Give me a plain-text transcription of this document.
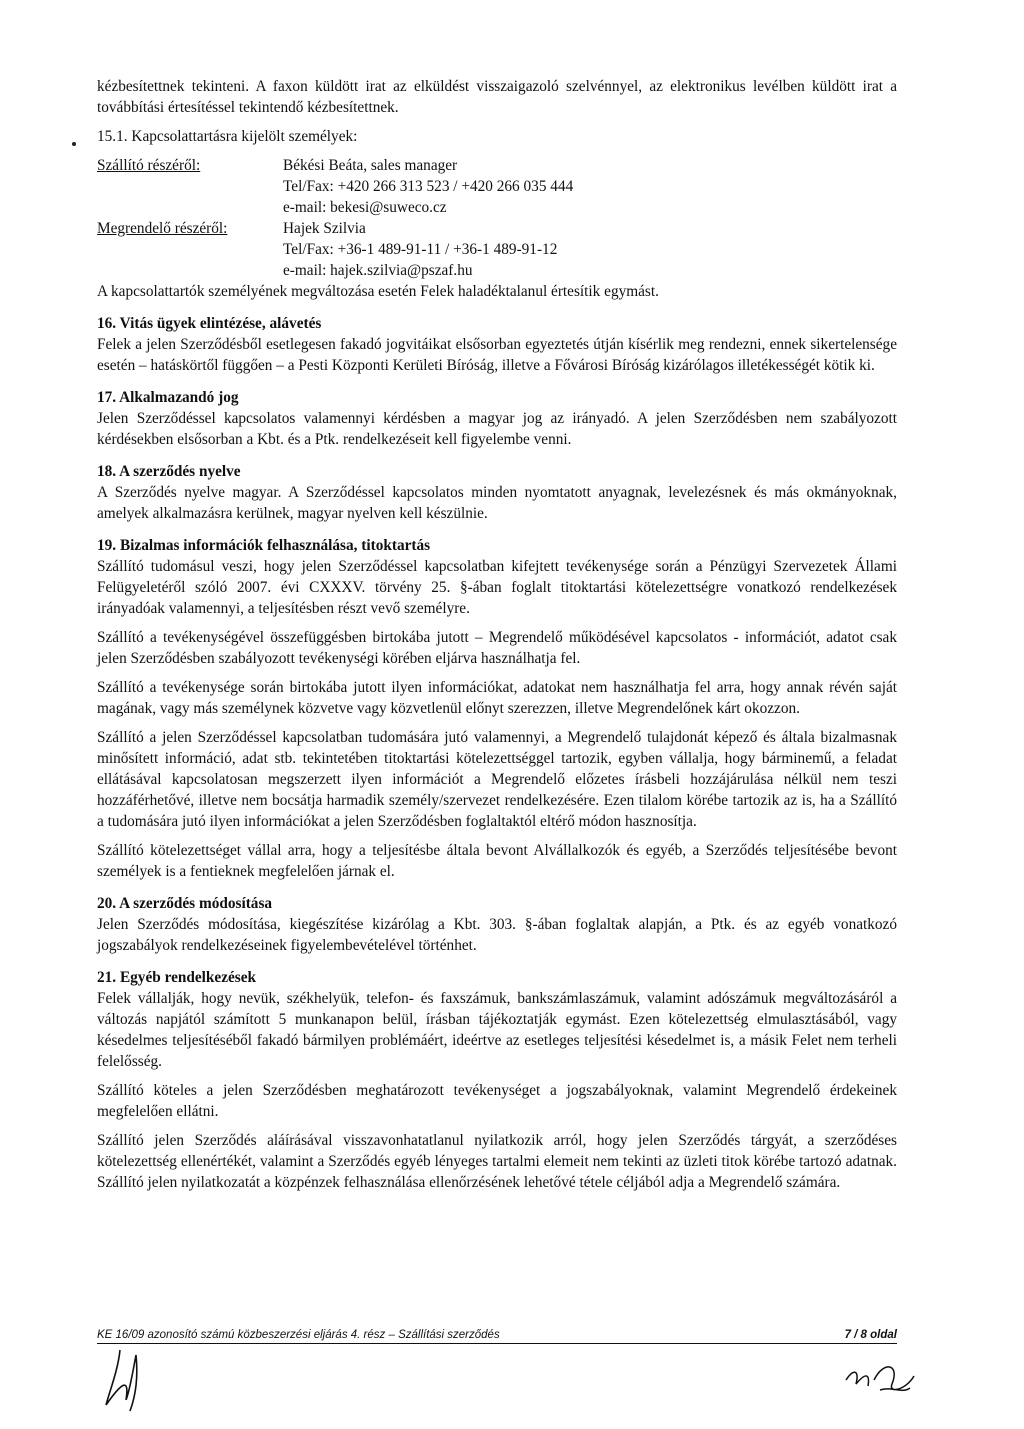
kézbesítettnek tekinteni. A faxon küldött irat az elküldést visszaigazoló szelvénnyel, az elektronikus levélben küldött irat a továbbítási értesítéssel tekintendő kézbesítettnek.

15.1. Kapcsolattartásra kijelölt személyek:

Szállító részéről:	Békési Beáta, sales manager
Tel/Fax: +420 266 313 523 / +420 266 035 444
e-mail: bekesi@suweco.cz
Megrendelő részéről:	Hajek Szilvia
Tel/Fax: +36-1 489-91-11 / +36-1 489-91-12
e-mail: hajek.szilvia@pszaf.hu

A kapcsolattartók személyének megváltozása esetén Felek haladéktalanul értesítik egymást.

16. Vitás ügyek elintézése, alávetés

Felek a jelen Szerződésből esetlegesen fakadó jogvitáikat elsősorban egyeztetés útján kísérlik meg rendezni, ennek sikertelensége esetén – hatáskörtől függően – a Pesti Központi Kerületi Bíróság, illetve a Fővárosi Bíróság kizárólagos illetékességét kötik ki.

17. Alkalmazandó jog

Jelen Szerződéssel kapcsolatos valamennyi kérdésben a magyar jog az irányadó. A jelen Szerződésben nem szabályozott kérdésekben elsősorban a Kbt. és a Ptk. rendelkezéseit kell figyelembe venni.

18. A szerződés nyelve

A Szerződés nyelve magyar. A Szerződéssel kapcsolatos minden nyomtatott anyagnak, levelezésnek és más okmányoknak, amelyek alkalmazásra kerülnek, magyar nyelven kell készülnie.

19. Bizalmas információk felhasználása, titoktartás

Szállító tudomásul veszi, hogy jelen Szerződéssel kapcsolatban kifejtett tevékenysége során a Pénzügyi Szervezetek Állami Felügyeletéről szóló 2007. évi CXXXV. törvény 25. §-ában foglalt titoktartási kötelezettségre vonatkozó rendelkezések irányadóak valamennyi, a teljesítésben részt vevő személyre.

Szállító a tevékenységével összefüggésben birtokába jutott – Megrendelő működésével kapcsolatos - információt, adatot csak jelen Szerződésben szabályozott tevékenységi körében eljárva használhatja fel.

Szállító a tevékenysége során birtokába jutott ilyen információkat, adatokat nem használhatja fel arra, hogy annak révén saját magának, vagy más személynek közvetve vagy közvetlenül előnyt szerezzen, illetve Megrendelőnek kárt okozzon.

Szállító a jelen Szerződéssel kapcsolatban tudomására jutó valamennyi, a Megrendelő tulajdonát képező és általa bizalmasnak minősített információ, adat stb. tekintetében titoktartási kötelezettséggel tartozik, egyben vállalja, hogy bárminemű, a feladat ellátásával kapcsolatosan megszerzett ilyen információt a Megrendelő előzetes írásbeli hozzájárulása nélkül nem teszi hozzáférhetővé, illetve nem bocsátja harmadik személy/szervezet rendelkezésére. Ezen tilalom körébe tartozik az is, ha a Szállító a tudomására jutó ilyen információkat a jelen Szerződésben foglaltaktól eltérő módon hasznosítja.

Szállító kötelezettséget vállal arra, hogy a teljesítésbe általa bevont Alvállalkozók és egyéb, a Szerződés teljesítésébe bevont személyek is a fentieknek megfelelően járnak el.

20. A szerződés módosítása

Jelen Szerződés módosítása, kiegészítése kizárólag a Kbt. 303. §-ában foglaltak alapján, a Ptk. és az egyéb vonatkozó jogszabályok rendelkezéseinek figyelembevételével történhet.

21. Egyéb rendelkezések

Felek vállalják, hogy nevük, székhelyük, telefon- és faxszámuk, bankszámlaszámuk, valamint adószámuk megváltozásáról a változás napjától számított 5 munkanapon belül, írásban tájékoztatják egymást. Ezen kötelezettség elmulasztásából, vagy késedelmes teljesítéséből fakadó bármilyen problémáért, ideértve az esetleges teljesítési késedelmet is, a másik Felet nem terheli felelősség.

Szállító köteles a jelen Szerződésben meghatározott tevékenységet a jogszabályoknak, valamint Megrendelő érdekeinek megfelelően ellátni.

Szállító jelen Szerződés aláírásával visszavonhatatlanul nyilatkozik arról, hogy jelen Szerződés tárgyát, a szerződéses kötelezettség ellenértékét, valamint a Szerződés egyéb lényeges tartalmi elemeit nem tekinti az üzleti titok körébe tartozó adatnak. Szállító jelen nyilatkozatát a közpénzek felhasználása ellenőrzésének lehetővé tétele céljából adja a Megrendelő számára.

KE 16/09 azonosító számú közbeszerzési eljárás 4. rész – Szállítási szerződés	7 / 8 oldal
